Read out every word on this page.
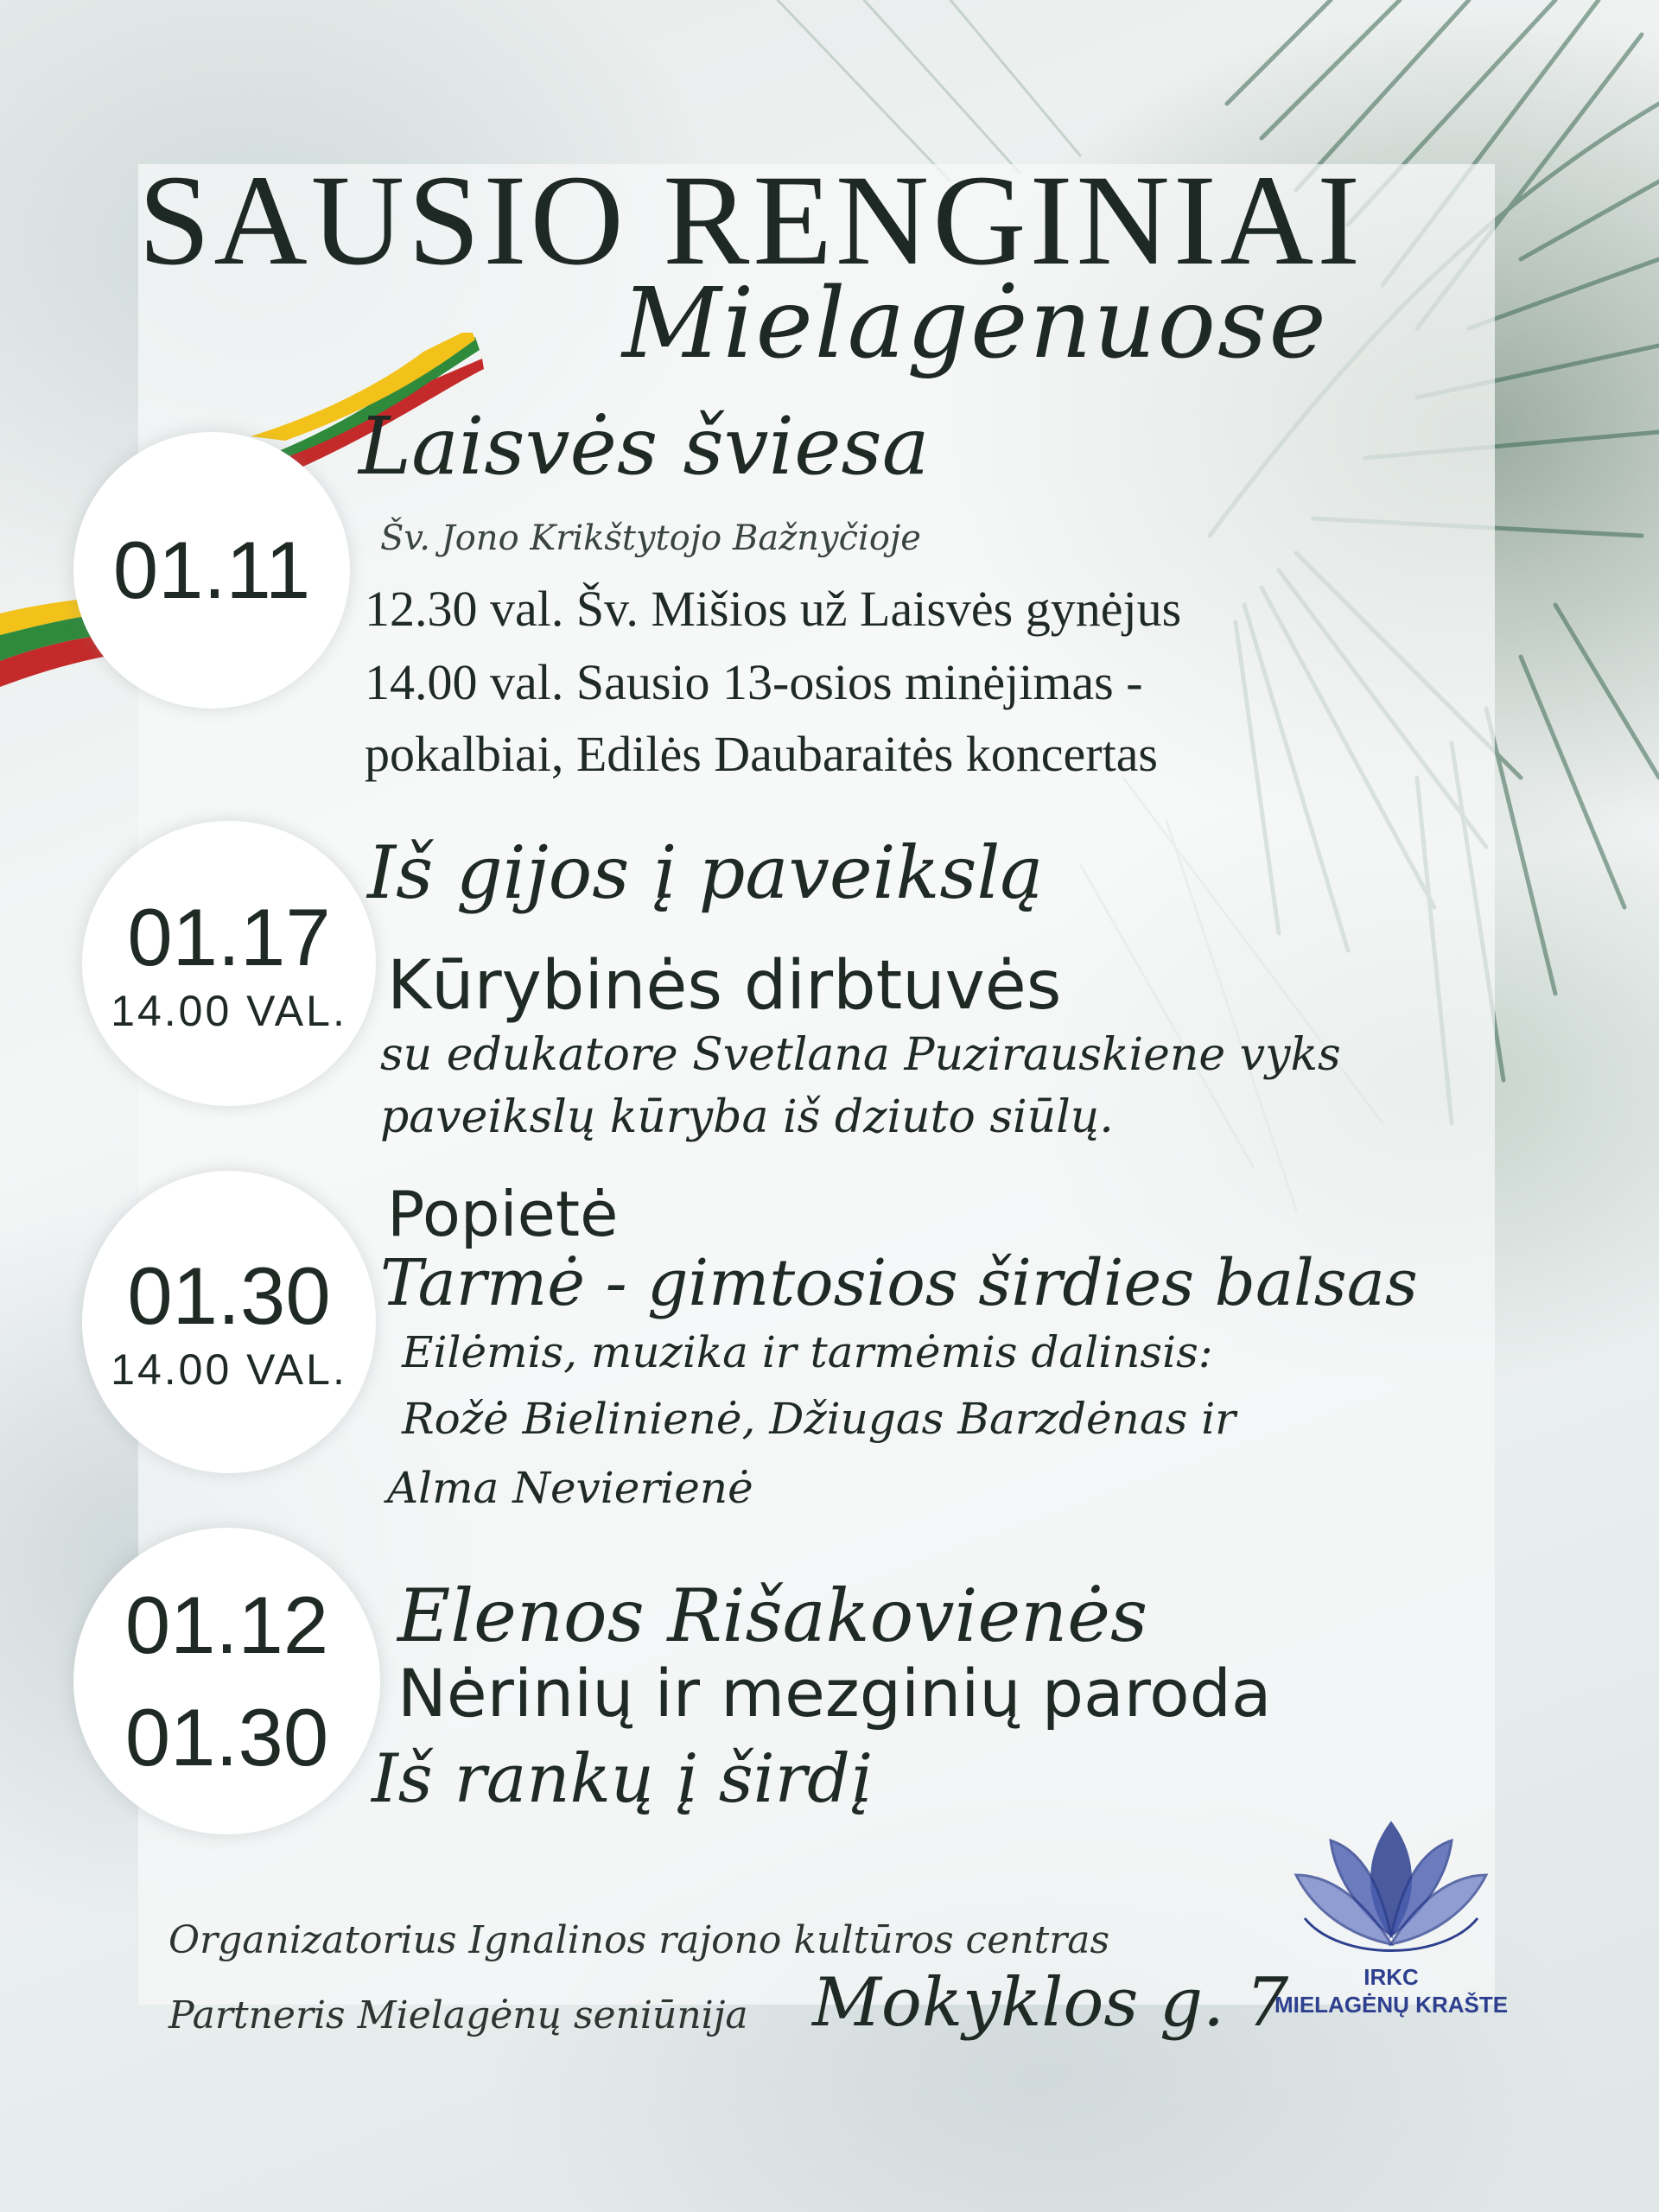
SAUSIO RENGINIAI
Mielagėnuose
01.11
Laisvės šviesa
Šv. Jono Krikštytojo Bažnyčioje
12.30 val. Šv. Mišios už Laisvės gynėjus
14.00 val. Sausio 13-osios minėjimas -
pokalbiai, Edilės Daubaraitės koncertas
01.17
14.00 VAL.
Iš gijos į paveikslą
Kūrybinės dirbtuvės
su edukatore Svetlana Puzirauskiene vyks
paveikslų kūryba iš dziuto siūlų.
01.30
14.00 VAL.
Popietė
Tarmė - gimtosios širdies balsas
Eilėmis, muzika ir tarmėmis dalinsis:
Rožė Bielinienė, Džiugas Barzdėnas ir
Alma Nevierienė
01.12
01.30
Elenos Rišakovienės
Nėrinių ir mezginių paroda
Iš rankų į širdį
Organizatorius Ignalinos rajono kultūros centras
Partneris Mielagėnų seniūnija Mokyklos g. 7	IRKC
MIELAGĖNŲ KRAŠTE
